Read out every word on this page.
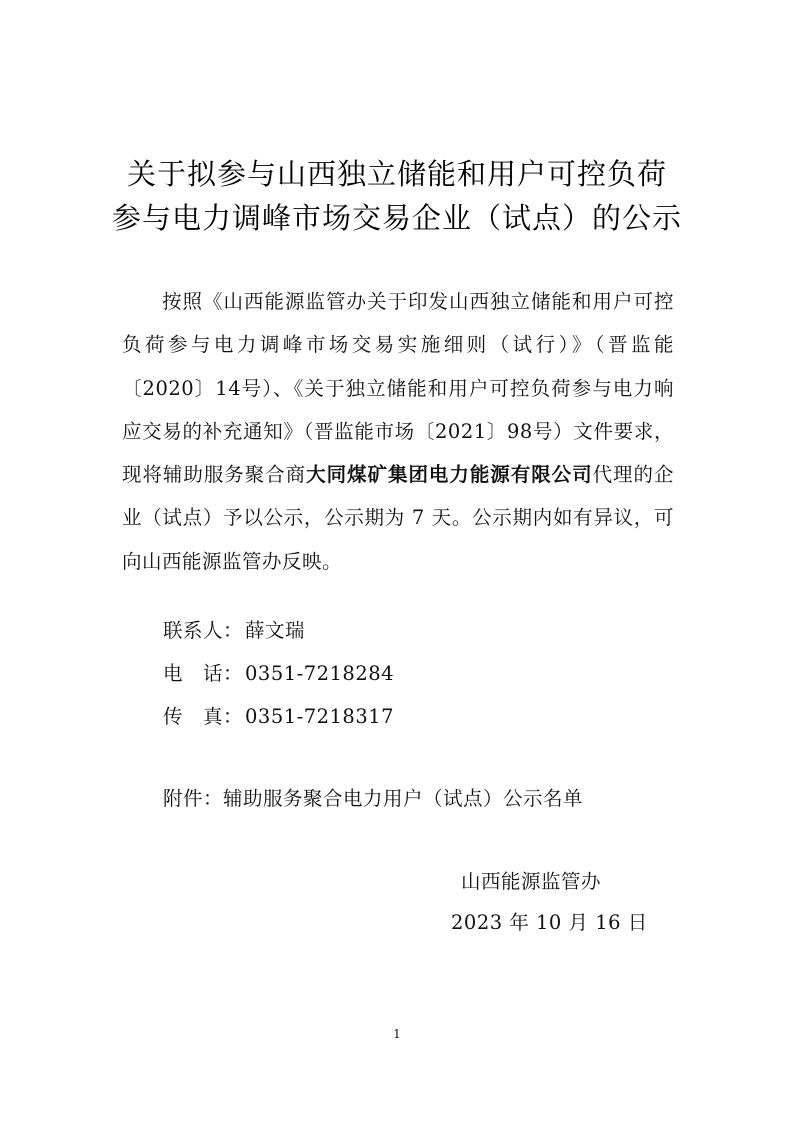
关于拟参与山西独立储能和用户可控负荷
参与电力调峰市场交易企业（试点）的公示

按照《山西能源监管办关于印发山西独立储能和用户可控负荷参与电力调峰市场交易实施细则（试行）》（晋监能〔2020〕14号）、《关于独立储能和用户可控负荷参与电力响应交易的补充通知》（晋监能市场〔2021〕98号）文件要求，现将辅助服务聚合商大同煤矿集团电力能源有限公司代理的企业（试点）予以公示，公示期为 7 天。公示期内如有异议，可向山西能源监管办反映。

联系人： 薛文瑞
电　话： 0351-7218284
传　真： 0351-7218317
附件：辅助服务聚合电力用户（试点）公示名单
山西能源监管办
2023 年 10 月 16 日
1
